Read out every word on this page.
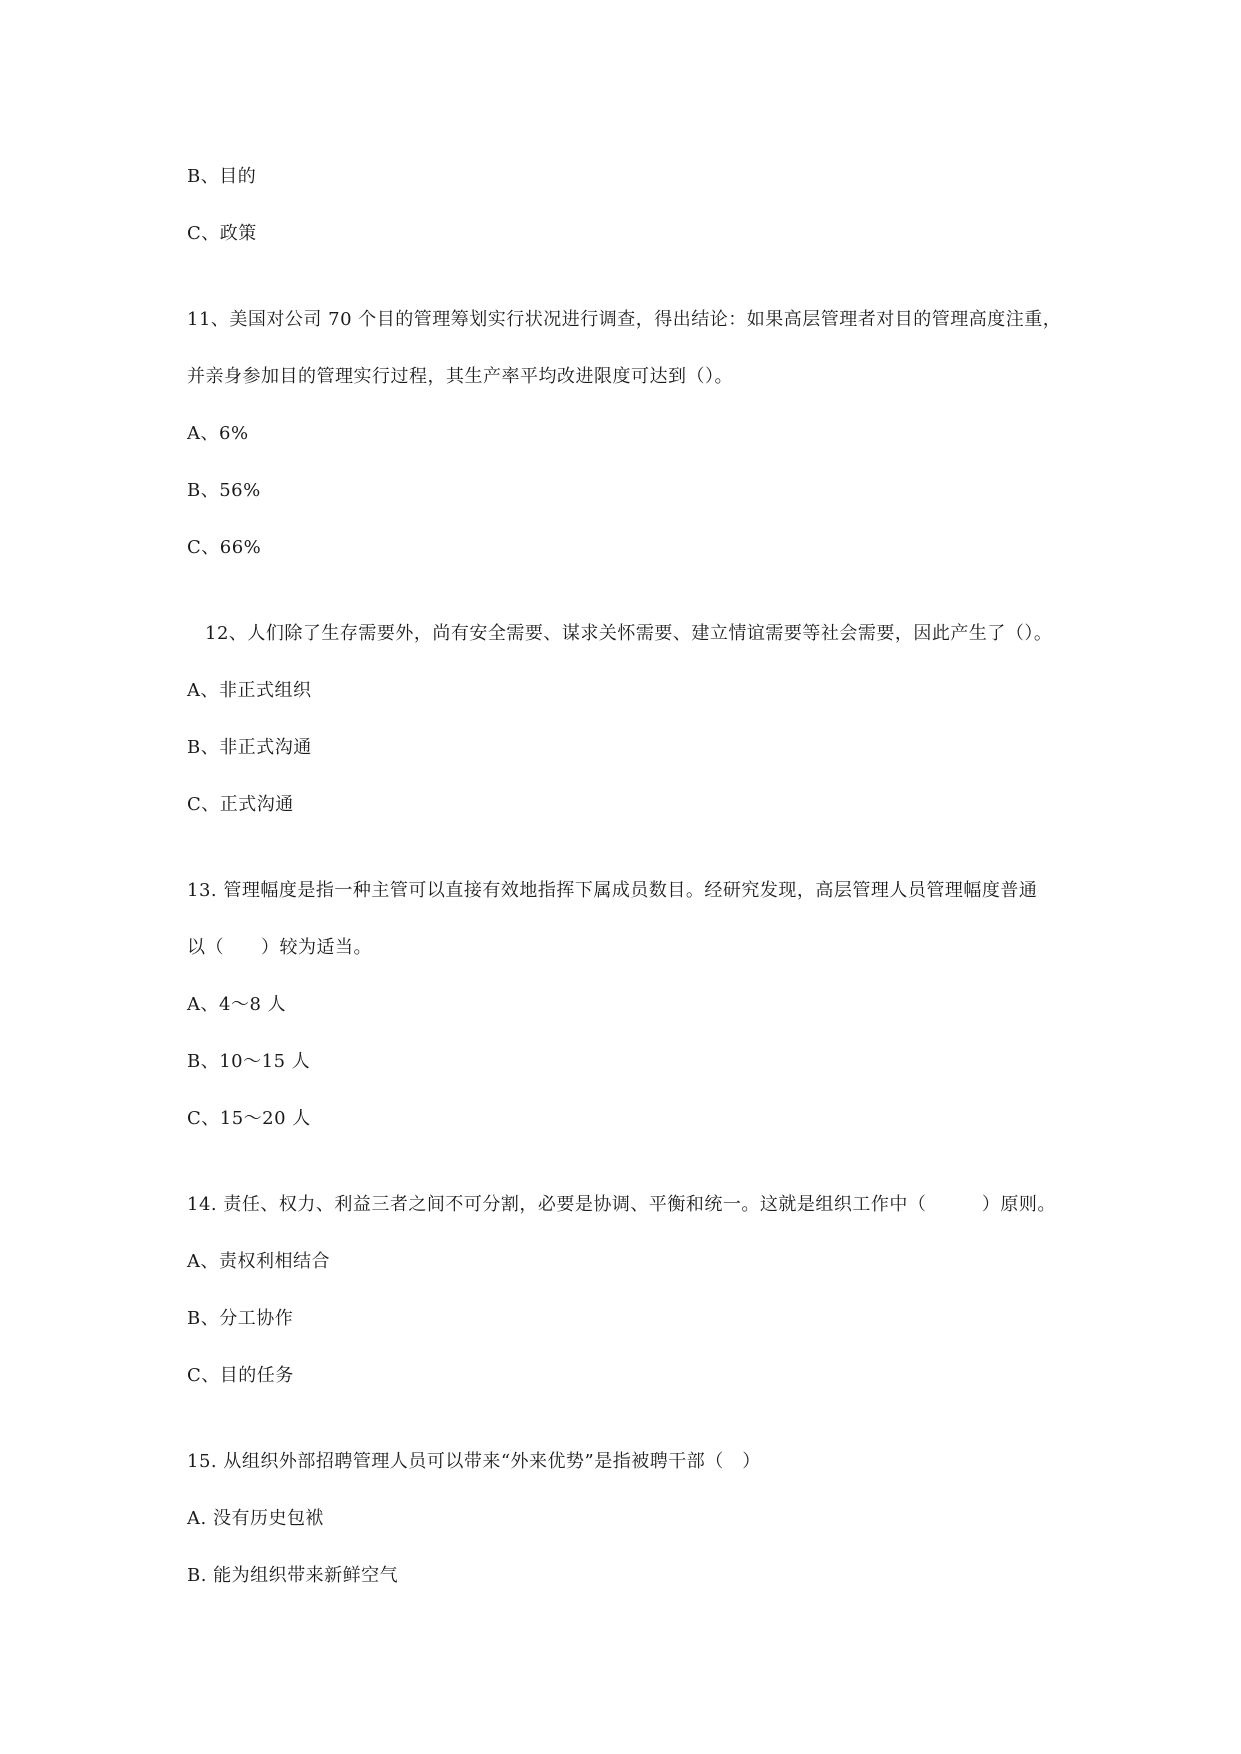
B、目的
C、政策
11、美国对公司 70 个目的管理筹划实行状况进行调查，得出结论：如果高层管理者对目的管理高度注重，
并亲身参加目的管理实行过程，其生产率平均改进限度可达到（）。
A、6%
B、56%
C、66%
12、人们除了生存需要外，尚有安全需要、谋求关怀需要、建立情谊需要等社会需要，因此产生了（）。
A、非正式组织
B、非正式沟通
C、正式沟通
13. 管理幅度是指一种主管可以直接有效地指挥下属成员数目。经研究发现，高层管理人员管理幅度普通
以（　　）较为适当。
A、4～8 人
B、10～15 人
C、15～20 人
14. 责任、权力、利益三者之间不可分割，必要是协调、平衡和统一。这就是组织工作中（　　　）原则。
A、责权利相结合
B、分工协作
C、目的任务
15. 从组织外部招聘管理人员可以带来“外来优势”是指被聘干部（　）
A. 没有历史包袱
B. 能为组织带来新鲜空气
